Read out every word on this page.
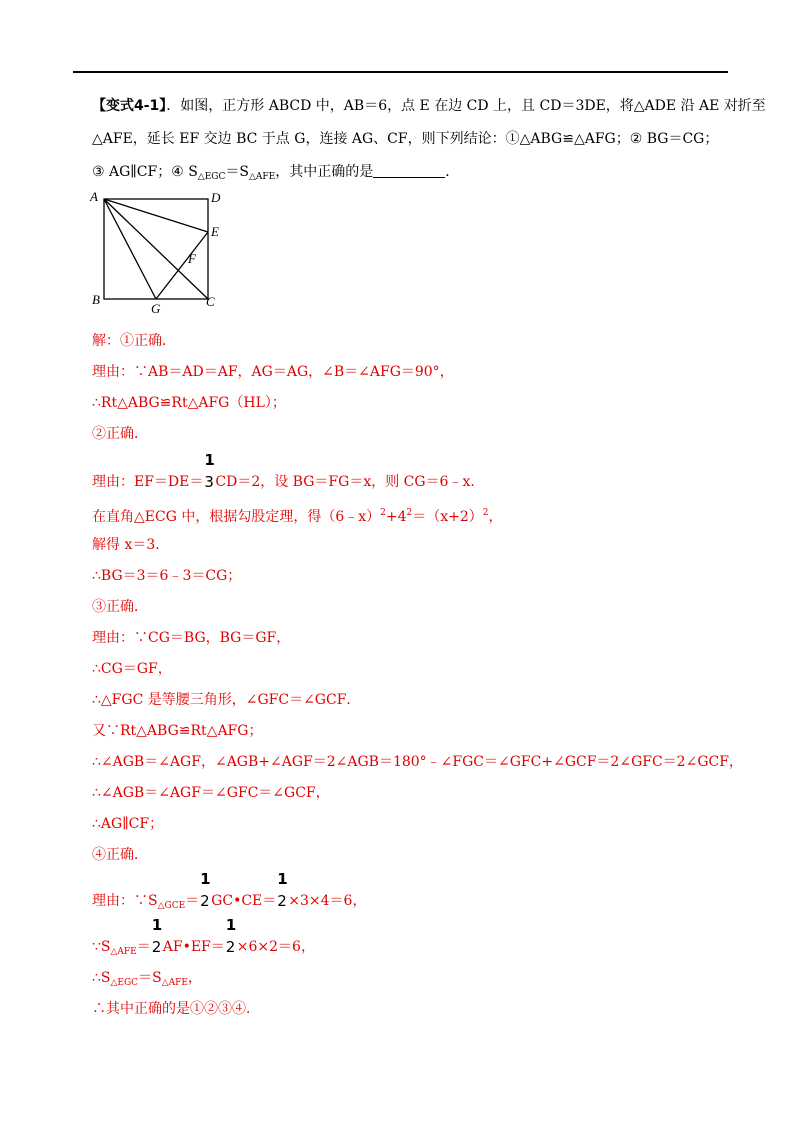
【变式4-1】．如图，正方形 ABCD 中，AB＝6，点 E 在边 CD 上，且 CD＝3DE，将△ADE 沿 AE 对折至
△AFE，延长 EF 交边 BC 于点 G，连接 AG、CF，则下列结论：①△ABG≌△AFG；② BG＝CG；
③ AG∥CF；④ $S_{\triangle EGC}=S_{\triangle AFE}$，其中正确的是	．
A	D
E
F
B
G	C
解：①正确．
理由：∵AB＝AD＝AF，AG＝AG，∠B＝∠AFG＝90°，
∴Rt△ABG≌Rt△AFG（HL）；
②正确．
理由：EF＝DE＝
1
3 CD＝2，设 BG＝FG＝x，则 CG＝6﹣x．
在直角△ECG 中，根据勾股定理，得$(6﹣x)^2+4^2=(x+2)^2$，
解得 x＝3．
∴BG＝3＝6﹣3＝CG；
③正确．
理由：∵CG＝BG，BG＝GF，
∴CG＝GF，
∴△FGC 是等腰三角形，∠GFC＝∠GCF．
又∵Rt△ABG≌Rt△AFG；
∴∠AGB＝∠AGF，∠AGB+∠AGF＝2∠AGB＝180°﹣∠FGC＝∠GFC+∠GCF＝2∠GFC＝2∠GCF，
∴∠AGB＝∠AGF＝∠GFC＝∠GCF，
∴AG∥CF；
④正确．
理由：$\because S_{\triangle GCE}=$
1
2 GC•CE＝
1
2 ×3×4＝6，
$\because S_{\triangle AFE}=$
1
2 AF•EF＝
1
2 ×6×2＝6，
$\therefore S_{\triangle EGC}=S_{\triangle AFE}$，
∴其中正确的是①②③④．
